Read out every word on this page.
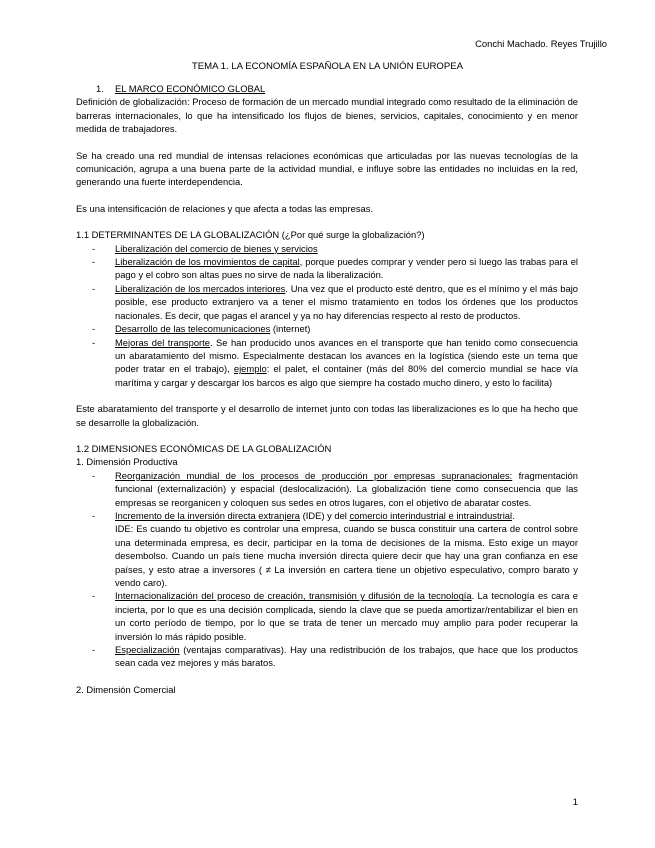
Conchi Machado. Reyes Trujillo
TEMA 1. LA ECONOMÍA ESPAÑOLA EN LA UNIÓN EUROPEA

1. EL MARCO ECONÓMICO GLOBAL

Definición de globalización: Proceso de formación de un mercado mundial integrado como resultado de la eliminación de barreras internacionales, lo que ha intensificado los flujos de bienes, servicios, capitales, conocimiento y en menor medida de trabajadores.

Se ha creado una red mundial de intensas relaciones económicas que articuladas por las nuevas tecnologías de la comunicación, agrupa a una buena parte de la actividad mundial, e influye sobre las entidades no incluidas en la red, generando una fuerte interdependencia.

Es una intensificación de relaciones y que afecta a todas las empresas.

1.1 DETERMINANTES DE LA GLOBALIZACIÓN (¿Por qué surge la globalización?)

- Liberalización del comercio de bienes y servicios
- Liberalización de los movimientos de capital, porque puedes comprar y vender pero si luego las trabas para el pago y el cobro son altas pues no sirve de nada la liberalización.
- Liberalización de los mercados interiores. Una vez que el producto esté dentro, que es el mínimo y el más bajo posible, ese producto extranjero va a tener el mismo tratamiento en todos los órdenes que los productos nacionales. Es decir, que pagas el arancel y ya no hay diferencias respecto al resto de productos.
- Desarrollo de las telecomunicaciones (internet)
- Mejoras del transporte. Se han producido unos avances en el transporte que han tenido como consecuencia un abaratamiento del mismo. Especialmente destacan los avances en la logística (siendo este un tema que poder tratar en el trabajo), ejemplo: el palet, el container (más del 80% del comercio mundial se hace vía marítima y cargar y descargar los barcos es algo que siempre ha costado mucho dinero, y esto lo facilita)

Este abaratamiento del transporte y el desarrollo de internet junto con todas las liberalizaciones es lo que ha hecho que se desarrolle la globalización.

1.2 DIMENSIONES ECONÓMICAS DE LA GLOBALIZACIÓN

1. Dimensión Productiva

- Reorganización mundial de los procesos de producción por empresas supranacionales: fragmentación funcional (externalización) y espacial (deslocalización). La globalización tiene como consecuencia que las empresas se reorganicen y coloquen sus sedes en otros lugares, con el objetivo de abaratar costes.
- Incremento de la inversión directa extranjera (IDE) y del comercio interindustrial e intraindustrial.
IDE: Es cuando tu objetivo es controlar una empresa, cuando se busca constituir una cartera de control sobre una determinada empresa, es decir, participar en la toma de decisiones de la misma. Esto exige un mayor desembolso. Cuando un país tiene mucha inversión directa quiere decir que hay una gran confianza en ese países, y esto atrae a inversores ( ≠ La inversión en cartera tiene un objetivo especulativo, compro barato y vendo caro).
- Internacionalización del proceso de creación, transmisión y difusión de la tecnología. La tecnología es cara e incierta, por lo que es una decisión complicada, siendo la clave que se pueda amortizar/rentabilizar el bien en un corto período de tiempo, por lo que se trata de tener un mercado muy amplio para poder recuperar la inversión lo más rápido posible.
- Especialización (ventajas comparativas). Hay una redistribución de los trabajos, que hace que los productos sean cada vez mejores y más baratos.

2. Dimensión Comercial

1
